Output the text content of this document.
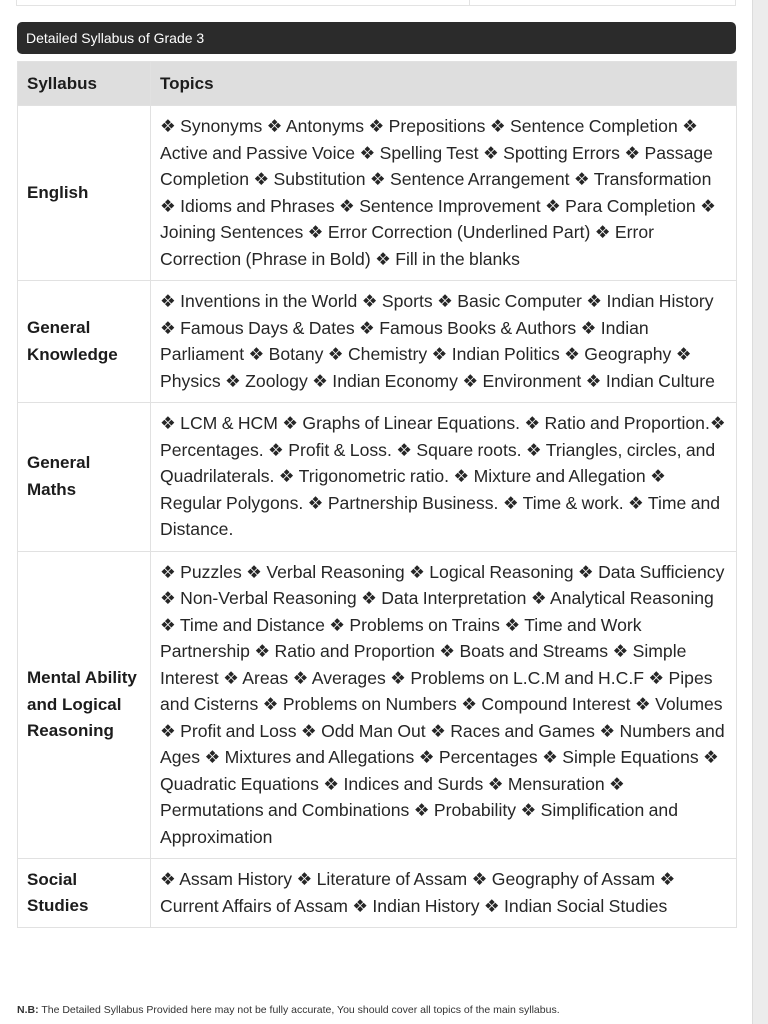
Detailed Syllabus of Grade 3
Syllabus	Topics
English	❖ Synonyms ❖ Antonyms ❖ Prepositions ❖ Sentence Completion ❖ Active and Passive Voice ❖ Spelling Test ❖ Spotting Errors ❖ Passage Completion ❖ Substitution ❖ Sentence Arrangement ❖ Transformation ❖ Idioms and Phrases ❖ Sentence Improvement ❖ Para Completion ❖ Joining Sentences ❖ Error Correction (Underlined Part) ❖ Error Correction (Phrase in Bold) ❖ Fill in the blanks
General Knowledge	❖ Inventions in the World ❖ Sports ❖ Basic Computer ❖ Indian History ❖ Famous Days & Dates ❖ Famous Books & Authors ❖ Indian Parliament ❖ Botany ❖ Chemistry ❖ Indian Politics ❖ Geography ❖ Physics ❖ Zoology ❖ Indian Economy ❖ Environment ❖ Indian Culture
General Maths	❖ LCM & HCM ❖ Graphs of Linear Equations. ❖ Ratio and Proportion.❖ Percentages. ❖ Profit & Loss. ❖ Square roots. ❖ Triangles, circles, and Quadrilaterals. ❖ Trigonometric ratio. ❖ Mixture and Allegation ❖ Regular Polygons. ❖ Partnership Business. ❖ Time & work. ❖ Time and Distance.
Mental Ability and Logical Reasoning	❖ Puzzles ❖ Verbal Reasoning ❖ Logical Reasoning ❖ Data Sufficiency ❖ Non-Verbal Reasoning ❖ Data Interpretation ❖ Analytical Reasoning ❖ Time and Distance ❖ Problems on Trains ❖ Time and Work Partnership ❖ Ratio and Proportion ❖ Boats and Streams ❖ Simple Interest ❖ Areas ❖ Averages ❖ Problems on L.C.M and H.C.F ❖ Pipes and Cisterns ❖ Problems on Numbers ❖ Compound Interest ❖ Volumes ❖ Profit and Loss ❖ Odd Man Out ❖ Races and Games ❖ Numbers and Ages ❖ Mixtures and Allegations ❖ Percentages ❖ Simple Equations ❖ Quadratic Equations ❖ Indices and Surds ❖ Mensuration ❖ Permutations and Combinations ❖ Probability ❖ Simplification and Approximation
Social Studies	❖ Assam History ❖ Literature of Assam ❖ Geography of Assam ❖ Current Affairs of Assam ❖ Indian History ❖ Indian Social Studies
N.B: The Detailed Syllabus Provided here may not be fully accurate, You should cover all topics of the main syllabus.
